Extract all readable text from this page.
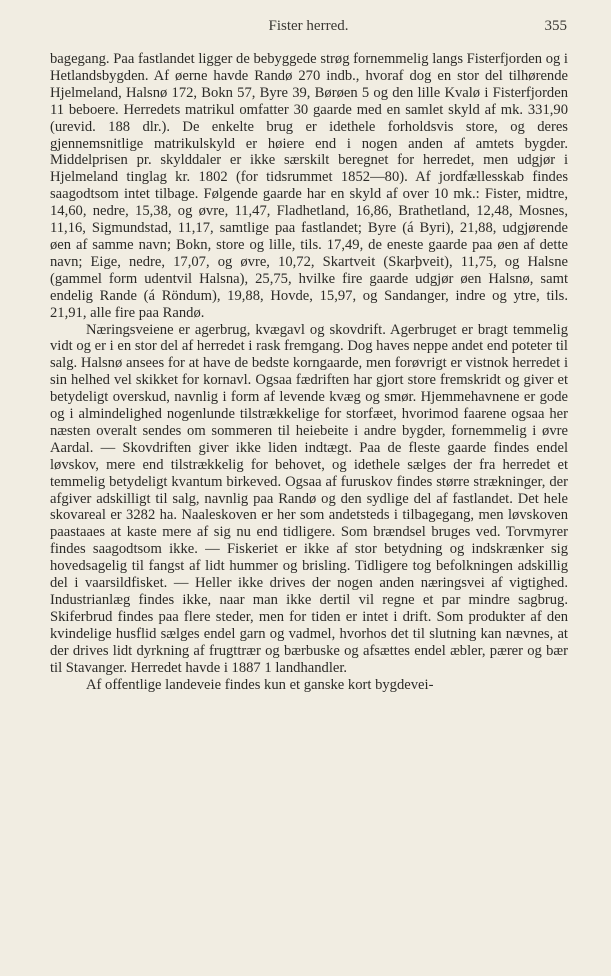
Fister herred.	355

bagegang. Paa fastlandet ligger de bebyggede strøg fornemmelig langs Fisterfjorden og i Hetlandsbygden. Af øerne havde Randø 270 indb., hvoraf dog en stor del tilhørende Hjelmeland, Halsnø 172, Bokn 57, Byre 39, Børøen 5 og den lille Kvalø i Fisterfjorden 11 beboere. Herredets matrikul omfatter 30 gaarde med en samlet skyld af mk. 331,90 (urevid. 188 dlr.). De enkelte brug er idethele forholdsvis store, og deres gjennemsnitlige matrikulskyld er høiere end i nogen anden af amtets bygder. Middelprisen pr. skylddaler er ikke særskilt beregnet for herredet, men udgjør i Hjelmeland tinglag kr. 1802 (for tidsrummet 1852—80). Af jordfællesskab findes saagodtsom intet tilbage. Følgende gaarde har en skyld af over 10 mk.: Fister, midtre, 14,60, nedre, 15,38, og øvre, 11,47, Fladhetland, 16,86, Brathetland, 12,48, Mosnes, 11,16, Sigmundstad, 11,17, samtlige paa fastlandet; Byre (á Byri), 21,88, udgjørende øen af samme navn; Bokn, store og lille, tils. 17,49, de eneste gaarde paa øen af dette navn; Eige, nedre, 17,07, og øvre, 10,72, Skartveit (Skarþveit), 11,75, og Halsne (gammel form udentvil Halsna), 25,75, hvilke fire gaarde udgjør øen Halsnø, samt endelig Rande (á Röndum), 19,88, Hovde, 15,97, og Sandanger, indre og ytre, tils. 21,91, alle fire paa Randø.

Næringsveiene er agerbrug, kvægavl og skovdrift. Agerbruget er bragt temmelig vidt og er i en stor del af herredet i rask fremgang. Dog haves neppe andet end poteter til salg. Halsnø ansees for at have de bedste korngaarde, men forøvrigt er vistnok herredet i sin helhed vel skikket for kornavl. Ogsaa fædriften har gjort store fremskridt og giver et betydeligt overskud, navnlig i form af levende kvæg og smør. Hjemmehavnene er gode og i almindelighed nogenlunde tilstrækkelige for storfæet, hvorimod faarene ogsaa her næsten overalt sendes om sommeren til heiebeite i andre bygder, fornemmelig i øvre Aardal. — Skovdriften giver ikke liden indtægt. Paa de fleste gaarde findes endel løvskov, mere end tilstrækkelig for behovet, og idethele sælges der fra herredet et temmelig betydeligt kvantum birkeved. Ogsaa af furuskov findes større strækninger, der afgiver adskilligt til salg, navnlig paa Randø og den sydlige del af fastlandet. Det hele skovareal er 3282 ha. Naaleskoven er her som andetsteds i tilbagegang, men løvskoven paastaaes at kaste mere af sig nu end tidligere. Som brændsel bruges ved. Torvmyrer findes saagodtsom ikke. — Fiskeriet er ikke af stor betydning og indskrænker sig hovedsagelig til fangst af lidt hummer og brisling. Tidligere tog befolkningen adskillig del i vaarsildfisket. — Heller ikke drives der nogen anden næringsvei af vigtighed. Industrianlæg findes ikke, naar man ikke dertil vil regne et par mindre sagbrug. Skiferbrud findes paa flere steder, men for tiden er intet i drift. Som produkter af den kvindelige husflid sælges endel garn og vadmel, hvorhos det til slutning kan nævnes, at der drives lidt dyrkning af frugttrær og bærbuske og afsættes endel æbler, pærer og bær til Stavanger. Herredet havde i 1887 1 landhandler.

Af offentlige landeveie findes kun et ganske kort bygdevei-
